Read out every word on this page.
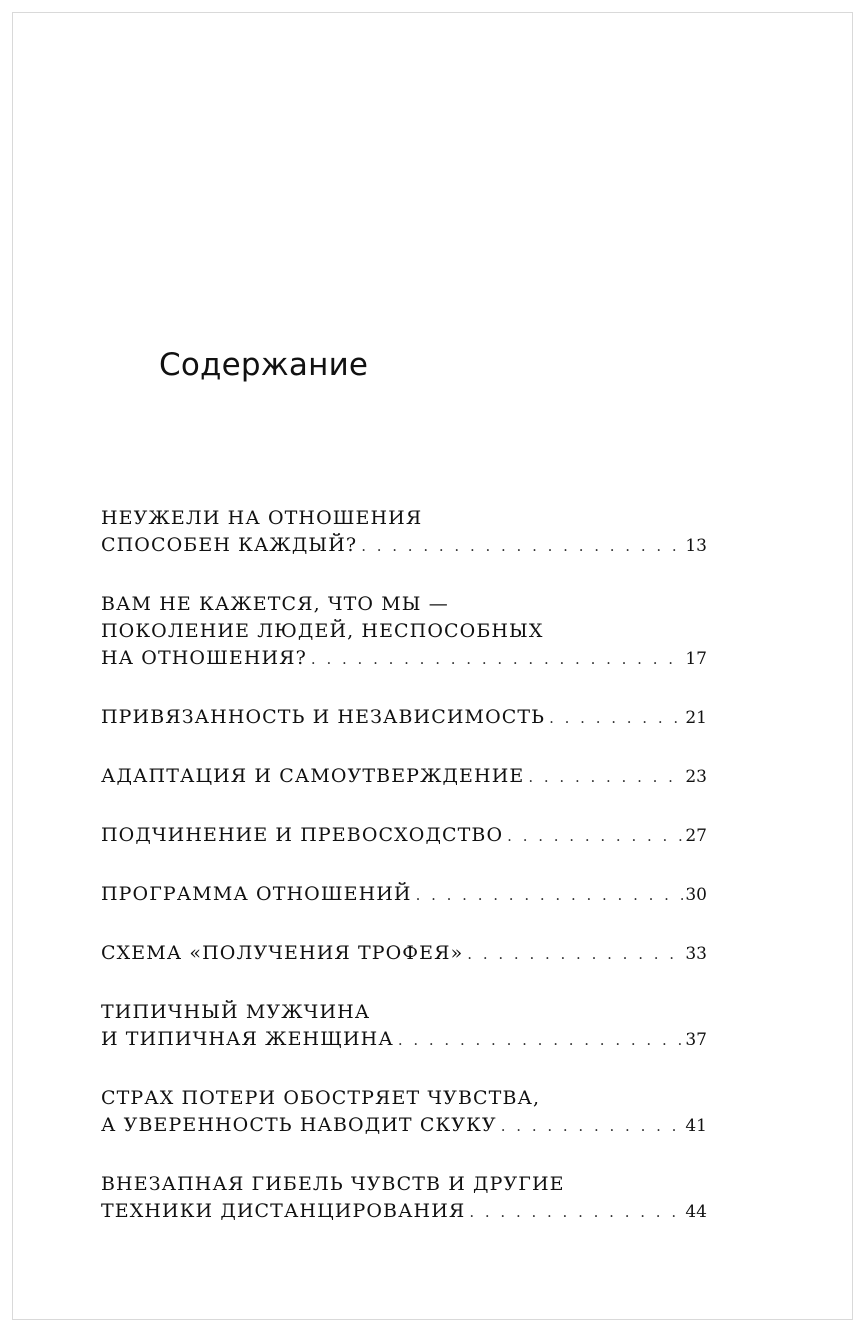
Содержание
НЕУЖЕЛИ НА ОТНОШЕНИЯ
СПОСОБЕН КАЖДЫЙ? . . .	13
ВАМ НЕ КАЖЕТСЯ, ЧТО МЫ —
ПОКОЛЕНИЕ ЛЮДЕЙ, НЕСПОСОБНЫХ
НА ОТНОШЕНИЯ? . . .	17
ПРИВЯЗАННОСТЬ И НЕЗАВИСИМОСТЬ . . .	21
АДАПТАЦИЯ И САМОУТВЕРЖДЕНИЕ . . .	23
ПОДЧИНЕНИЕ И ПРЕВОСХОДСТВО . . .	27
ПРОГРАММА ОТНОШЕНИЙ . . .	30
СХЕМА «ПОЛУЧЕНИЯ ТРОФЕЯ» . . .	33
ТИПИЧНЫЙ МУЖЧИНА
И ТИПИЧНАЯ ЖЕНЩИНА . . .	37
СТРАХ ПОТЕРИ ОБОСТРЯЕТ ЧУВСТВА,
А УВЕРЕННОСТЬ НАВОДИТ СКУКУ . . .	41
ВНЕЗАПНАЯ ГИБЕЛЬ ЧУВСТВ И ДРУГИЕ
ТЕХНИКИ ДИСТАНЦИРОВАНИЯ . . .	44
